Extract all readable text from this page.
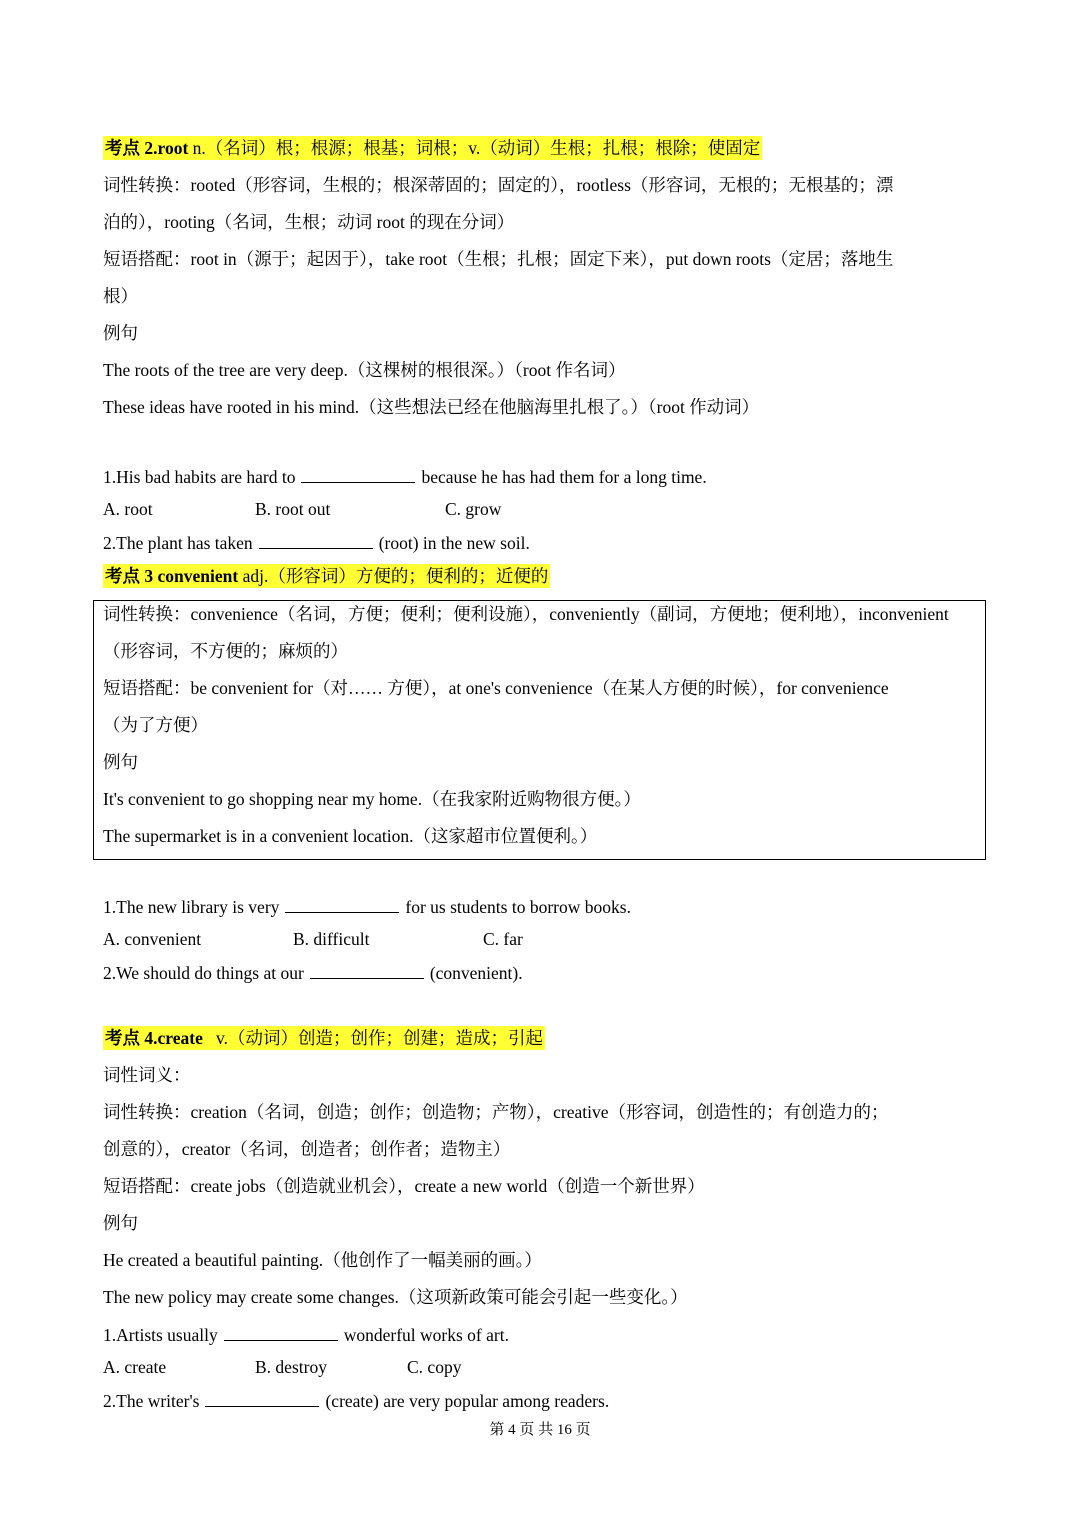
考点 2.root n.（名词）根；根源；根基；词根；v.（动词）生根；扎根；根除；使固定
词性转换：rooted（形容词，生根的；根深蒂固的；固定的），rootless（形容词，无根的；无根基的；漂
泊的），rooting（名词，生根；动词 root 的现在分词）
短语搭配：root in（源于；起因于），take root（生根；扎根；固定下来），put down roots（定居；落地生
根）
例句
The roots of the tree are very deep.（这棵树的根很深。）（root 作名词）
These ideas have rooted in his mind.（这些想法已经在他脑海里扎根了。）（root 作动词）
1.His bad habits are hard to	because he has had them for a long time.
A. root	B. root out	C. grow
2.The plant has taken	(root) in the new soil.
考点 3 convenient adj.（形容词）方便的；便利的；近便的
词性转换：convenience（名词，方便；便利；便利设施），conveniently（副词，方便地；便利地），inconvenient
（形容词，不方便的；麻烦的）
短语搭配：be convenient for（对…… 方便），at one's convenience（在某人方便的时候），for convenience
（为了方便）
例句
It's convenient to go shopping near my home.（在我家附近购物很方便。）
The supermarket is in a convenient location.（这家超市位置便利。）
1.The new library is very	for us students to borrow books.
A. convenient	B. difficult	C. far
2.We should do things at our	(convenient).
考点 4.create v.（动词）创造；创作；创建；造成；引起
词性词义：
词性转换：creation（名词，创造；创作；创造物；产物），creative（形容词，创造性的；有创造力的；
创意的），creator（名词，创造者；创作者；造物主）
短语搭配：create jobs（创造就业机会），create a new world（创造一个新世界）
例句
He created a beautiful painting.（他创作了一幅美丽的画。）
The new policy may create some changes.（这项新政策可能会引起一些变化。）
1.Artists usually	wonderful works of art.
A. create	B. destroy	C. copy
2.The writer's	(create) are very popular among readers.
第 4 页 共 16 页
